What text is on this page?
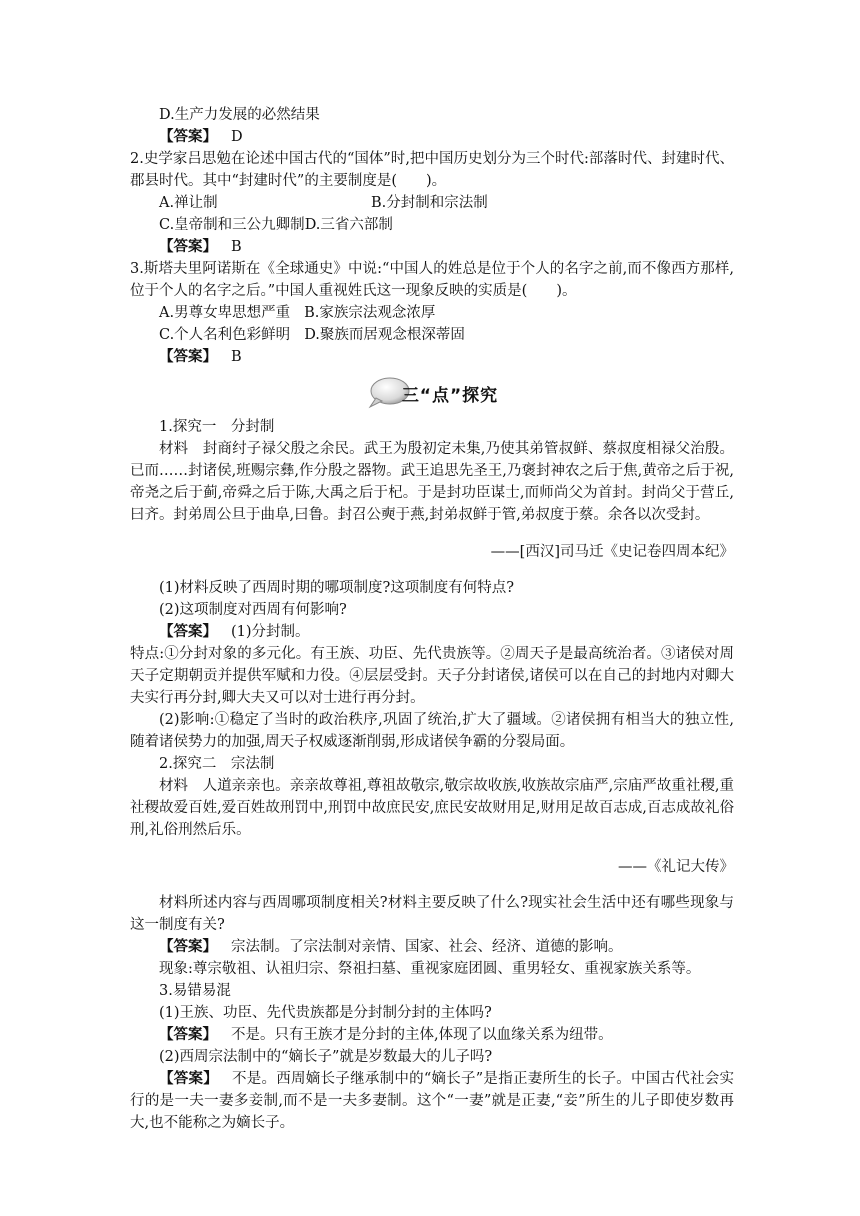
D.生产力发展的必然结果

【答案】 D

2.史学家吕思勉在论述中国古代的“国体”时,把中国历史划分为三个时代:部落时代、封建时代、郡县时代。其中“封建时代”的主要制度是(　　)。

A.禅让制	B.分封制和宗法制
C.皇帝制和三公九卿制 D.三省六部制

【答案】 B

3.斯塔夫里阿诺斯在《全球通史》中说:“中国人的姓总是位于个人的名字之前,而不像西方那样,位于个人的名字之后。”中国人重视姓氏这一现象反映的实质是(　　)。

A.男尊女卑思想严重 B.家族宗法观念浓厚
C.个人名利色彩鲜明 D.聚族而居观念根深蒂固

【答案】 B

三“点”探究

1.探究一　分封制

材料　封商纣子禄父殷之余民。武王为殷初定未集,乃使其弟管叔鲜、蔡叔度相禄父治殷。已而……封诸侯,班赐宗彝,作分殷之器物。武王追思先圣王,乃褒封神农之后于焦,黄帝之后于祝,帝尧之后于蓟,帝舜之后于陈,大禹之后于杞。于是封功臣谋士,而师尚父为首封。封尚父于营丘,曰齐。封弟周公旦于曲阜,曰鲁。封召公奭于燕,封弟叔鲜于管,弟叔度于蔡。余各以次受封。

——[西汉]司马迁《史记卷四周本纪》

(1)材料反映了西周时期的哪项制度?这项制度有何特点?

(2)这项制度对西周有何影响?

【答案】 (1)分封制。

特点:①分封对象的多元化。有王族、功臣、先代贵族等。②周天子是最高统治者。③诸侯对周天子定期朝贡并提供军赋和力役。④层层受封。天子分封诸侯,诸侯可以在自己的封地内对卿大夫实行再分封,卿大夫又可以对士进行再分封。

(2)影响:①稳定了当时的政治秩序,巩固了统治,扩大了疆域。②诸侯拥有相当大的独立性,随着诸侯势力的加强,周天子权威逐渐削弱,形成诸侯争霸的分裂局面。

2.探究二　宗法制

材料　人道亲亲也。亲亲故尊祖,尊祖故敬宗,敬宗故收族,收族故宗庙严,宗庙严故重社稷,重社稷故爱百姓,爱百姓故刑罚中,刑罚中故庶民安,庶民安故财用足,财用足故百志成,百志成故礼俗刑,礼俗刑然后乐。

——《礼记大传》

材料所述内容与西周哪项制度相关?材料主要反映了什么?现实社会生活中还有哪些现象与这一制度有关?

【答案】 宗法制。了宗法制对亲情、国家、社会、经济、道德的影响。

现象:尊宗敬祖、认祖归宗、祭祖扫墓、重视家庭团圆、重男轻女、重视家族关系等。

3.易错易混

(1)王族、功臣、先代贵族都是分封制分封的主体吗?

【答案】 不是。只有王族才是分封的主体,体现了以血缘关系为纽带。

(2)西周宗法制中的“嫡长子”就是岁数最大的儿子吗?

【答案】 不是。西周嫡长子继承制中的“嫡长子”是指正妻所生的长子。中国古代社会实行的是一夫一妻多妾制,而不是一夫多妻制。这个“一妻”就是正妻,“妾”所生的儿子即使岁数再大,也不能称之为嫡长子。
